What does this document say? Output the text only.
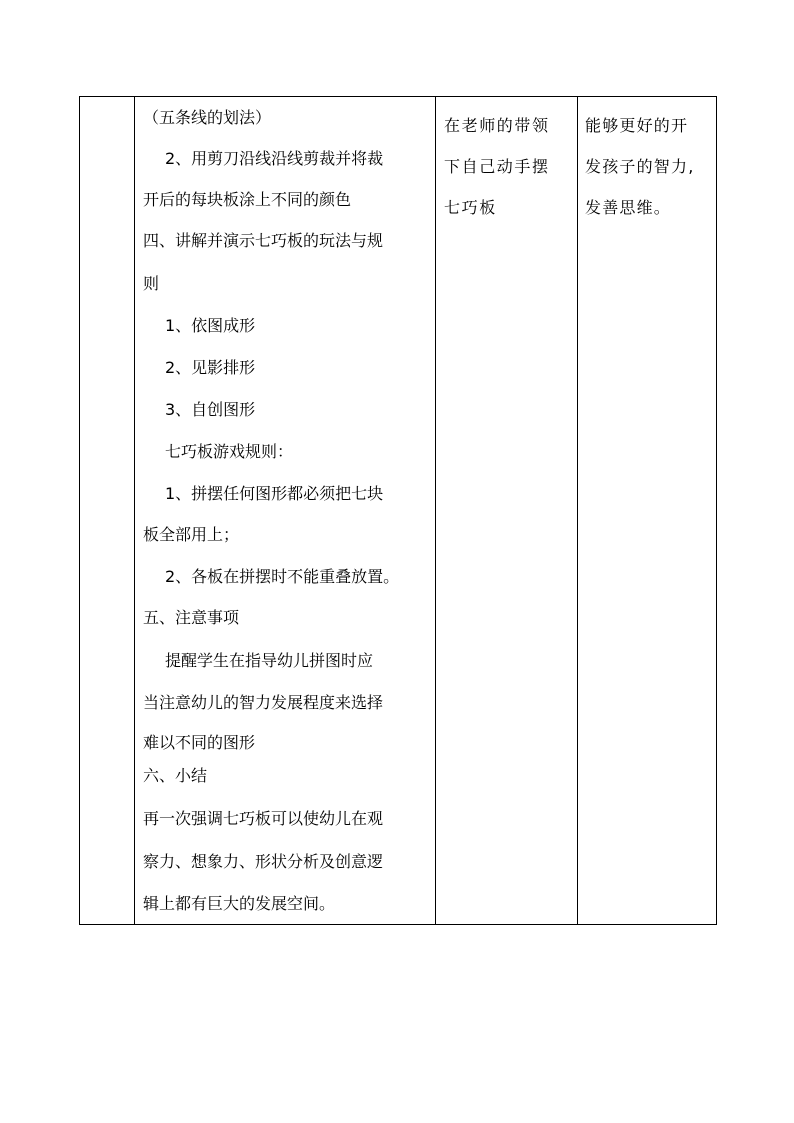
（五条线的划法）
2、用剪刀沿线沿线剪裁并将裁
开后的每块板涂上不同的颜色
四、讲解并演示七巧板的玩法与规
则
1、依图成形
2、见影排形
3、自创图形
七巧板游戏规则：
1、拼摆任何图形都必须把七块
板全部用上；
2、各板在拼摆时不能重叠放置。
五、注意事项
提醒学生在指导幼儿拼图时应
当注意幼儿的智力发展程度来选择
难以不同的图形
六、小结
再一次强调七巧板可以使幼儿在观
察力、想象力、形状分析及创意逻
辑上都有巨大的发展空间。

在老师的带领
下自己动手摆
七巧板

能够更好的开
发孩子的智力,
发善思维。
